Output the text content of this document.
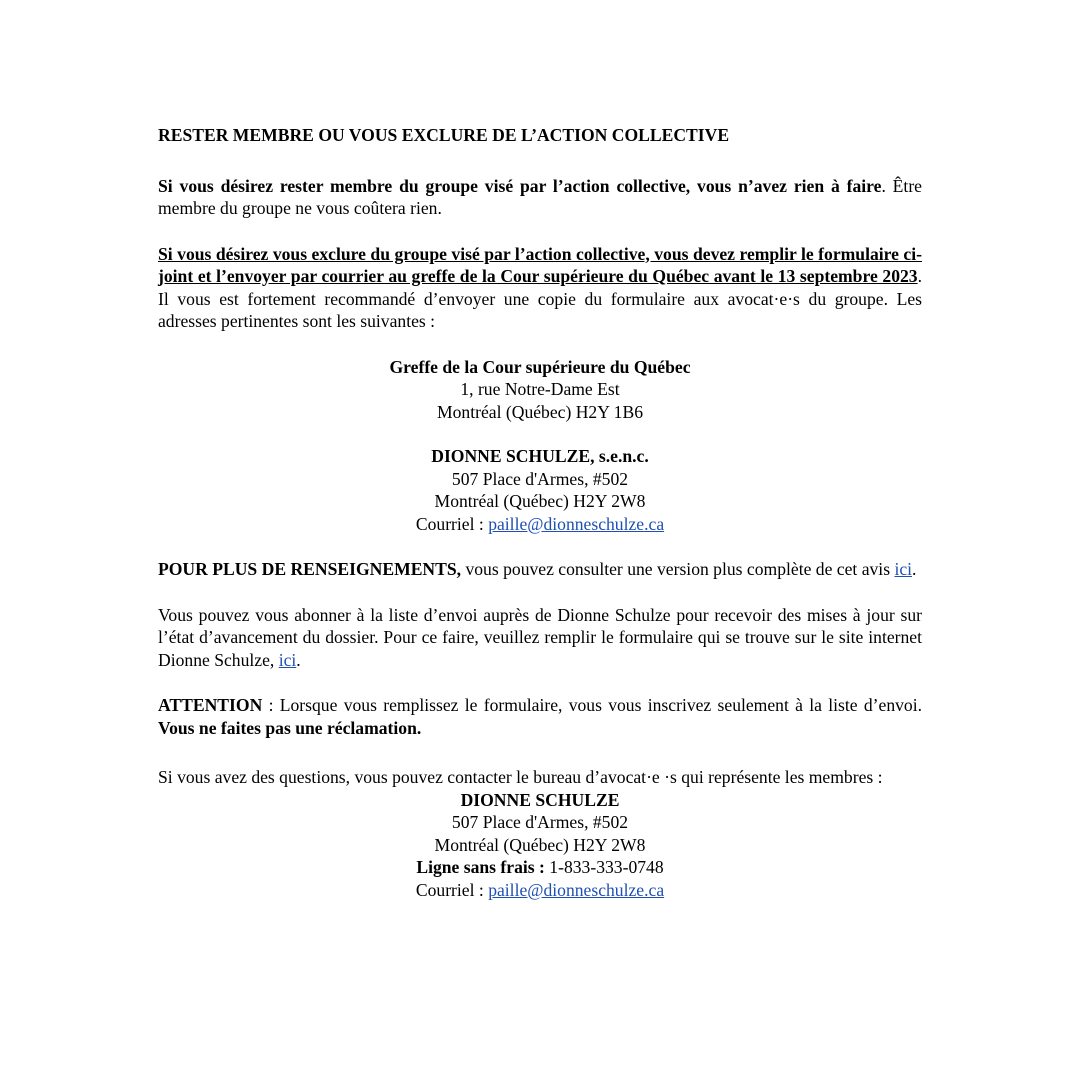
RESTER MEMBRE OU VOUS EXCLURE DE L’ACTION COLLECTIVE

Si vous désirez rester membre du groupe visé par l’action collective, vous n’avez rien à faire. Être membre du groupe ne vous coûtera rien.

Si vous désirez vous exclure du groupe visé par l’action collective, vous devez remplir le formulaire ci-joint et l’envoyer par courrier au greffe de la Cour supérieure du Québec avant le 13 septembre 2023. Il vous est fortement recommandé d’envoyer une copie du formulaire aux avocat·e·s du groupe. Les adresses pertinentes sont les suivantes :

Greffe de la Cour supérieure du Québec
1, rue Notre-Dame Est
Montréal (Québec) H2Y 1B6
DIONNE SCHULZE, s.e.n.c.
507 Place d'Armes, #502
Montréal (Québec) H2Y 2W8
Courriel : paille@dionneschulze.ca

POUR PLUS DE RENSEIGNEMENTS, vous pouvez consulter une version plus complète de cet avis ici.

Vous pouvez vous abonner à la liste d’envoi auprès de Dionne Schulze pour recevoir des mises à jour sur l’état d’avancement du dossier. Pour ce faire, veuillez remplir le formulaire qui se trouve sur le site internet Dionne Schulze, ici.

ATTENTION : Lorsque vous remplissez le formulaire, vous vous inscrivez seulement à la liste d’envoi. Vous ne faites pas une réclamation.

Si vous avez des questions, vous pouvez contacter le bureau d’avocat·e ·s qui représente les membres :

DIONNE SCHULZE
507 Place d'Armes, #502
Montréal (Québec) H2Y 2W8
Ligne sans frais : 1-833-333-0748
Courriel : paille@dionneschulze.ca
